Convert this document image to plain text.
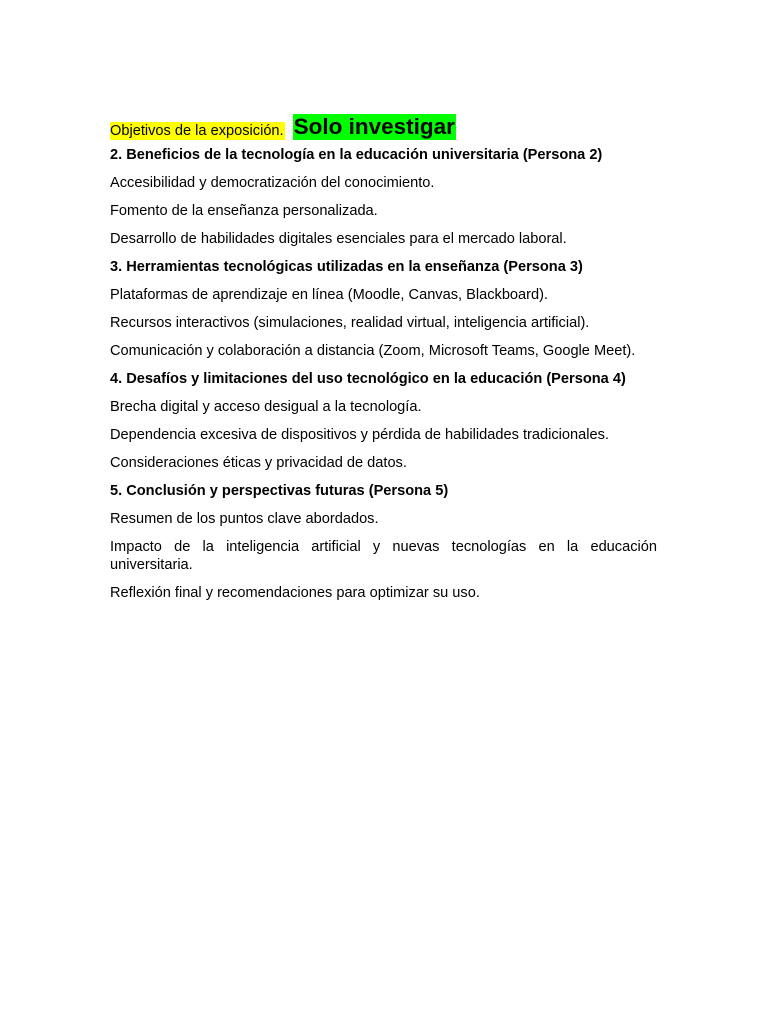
Objetivos de la exposición. Solo investigar
2. Beneficios de la tecnología en la educación universitaria (Persona 2)

Accesibilidad y democratización del conocimiento.

Fomento de la enseñanza personalizada.

Desarrollo de habilidades digitales esenciales para el mercado laboral.

3. Herramientas tecnológicas utilizadas en la enseñanza (Persona 3)

Plataformas de aprendizaje en línea (Moodle, Canvas, Blackboard).

Recursos interactivos (simulaciones, realidad virtual, inteligencia artificial).

Comunicación y colaboración a distancia (Zoom, Microsoft Teams, Google Meet).

4. Desafíos y limitaciones del uso tecnológico en la educación (Persona 4)

Brecha digital y acceso desigual a la tecnología.

Dependencia excesiva de dispositivos y pérdida de habilidades tradicionales.

Consideraciones éticas y privacidad de datos.

5. Conclusión y perspectivas futuras (Persona 5)

Resumen de los puntos clave abordados.

Impacto de la inteligencia artificial y nuevas tecnologías en la educación universitaria.

Reflexión final y recomendaciones para optimizar su uso.
